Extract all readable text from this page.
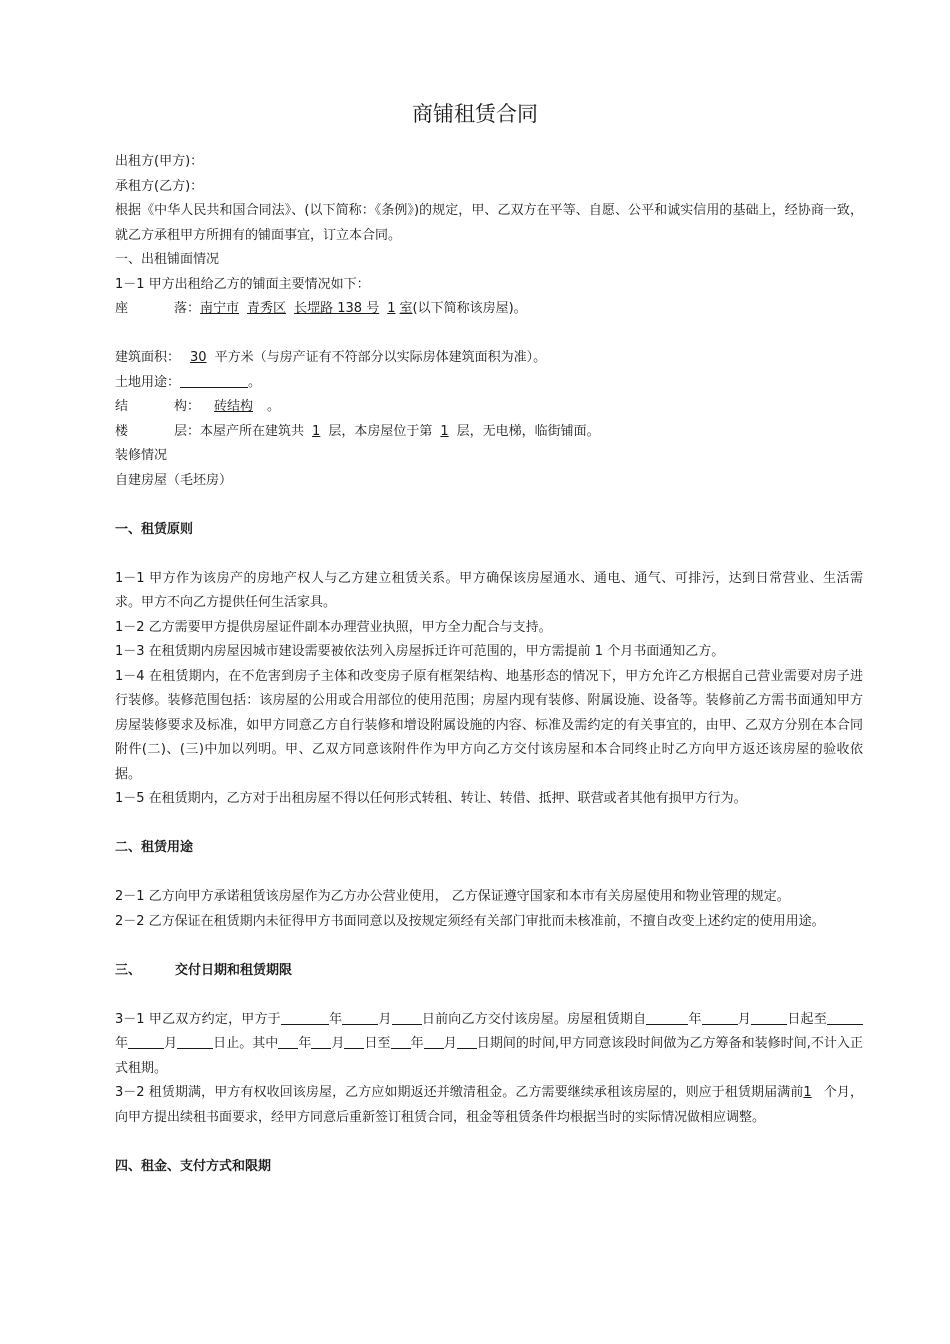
商铺租赁合同

出租方(甲方)：

承租方(乙方)：

根据《中华人民共和国合同法》、(以下简称：《条例》)的规定，甲、乙双方在平等、自愿、公平和诚实信用的基础上，经协商一致，就乙方承租甲方所拥有的铺面事宜，订立本合同。

一、出租铺面情况

1－1 甲方出租给乙方的铺面主要情况如下：

座	落：南宁市 青秀区 长堽路 138 号 1 室(以下简称该房屋)。

建筑面积： 30 平方米（与房产证有不符部分以实际房体建筑面积为准）。

土地用途：	。

结	构： 砖结构 。

楼	层：本屋产所在建筑共 1 层，本房屋位于第 1 层，无电梯，临街铺面。

装修情况

自建房屋（毛坯房）

一、租赁原则

1－1 甲方作为该房产的房地产权人与乙方建立租赁关系。甲方确保该房屋通水、通电、通气、可排污，达到日常营业、生活需求。甲方不向乙方提供任何生活家具。

1－2 乙方需要甲方提供房屋证件副本办理营业执照，甲方全力配合与支持。

1－3 在租赁期内房屋因城市建设需要被依法列入房屋拆迁许可范围的，甲方需提前 1 个月书面通知乙方。

1－4 在租赁期内，在不危害到房子主体和改变房子原有框架结构、地基形态的情况下，甲方允许乙方根据自己营业需要对房子进行装修。装修范围包括：该房屋的公用或合用部位的使用范围；房屋内现有装修、附属设施、设备等。装修前乙方需书面通知甲方房屋装修要求及标准，如甲方同意乙方自行装修和增设附属设施的内容、标准及需约定的有关事宜的，由甲、乙双方分别在本合同附件(二)、(三)中加以列明。甲、乙双方同意该附件作为甲方向乙方交付该房屋和本合同终止时乙方向甲方返还该房屋的验收依据。

1－5 在租赁期内，乙方对于出租房屋不得以任何形式转租、转让、转借、抵押、联营或者其他有损甲方行为。

二、租赁用途

2－1 乙方向甲方承诺租赁该房屋作为乙方办公营业使用， 乙方保证遵守国家和本市有关房屋使用和物业管理的规定。

2－2 乙方保证在租赁期内未征得甲方书面同意以及按规定须经有关部门审批而未核准前，不擅自改变上述约定的使用用途。

三、	交付日期和租赁期限

3－1 甲乙双方约定，甲方于	年	月 日前向乙方交付该房屋。房屋租赁期自	年	月	日起至年	月	日止。其中 年 月 日至 年 月 日期间的时间,甲方同意该段时间做为乙方筹备和装修时间,不计入正式租期。

3－2 租赁期满，甲方有权收回该房屋，乙方应如期返还并缴清租金。乙方需要继续承租该房屋的，则应于租赁期届满前1 个月，向甲方提出续租书面要求，经甲方同意后重新签订租赁合同，租金等租赁条件均根据当时的实际情况做相应调整。

四、租金、支付方式和限期
